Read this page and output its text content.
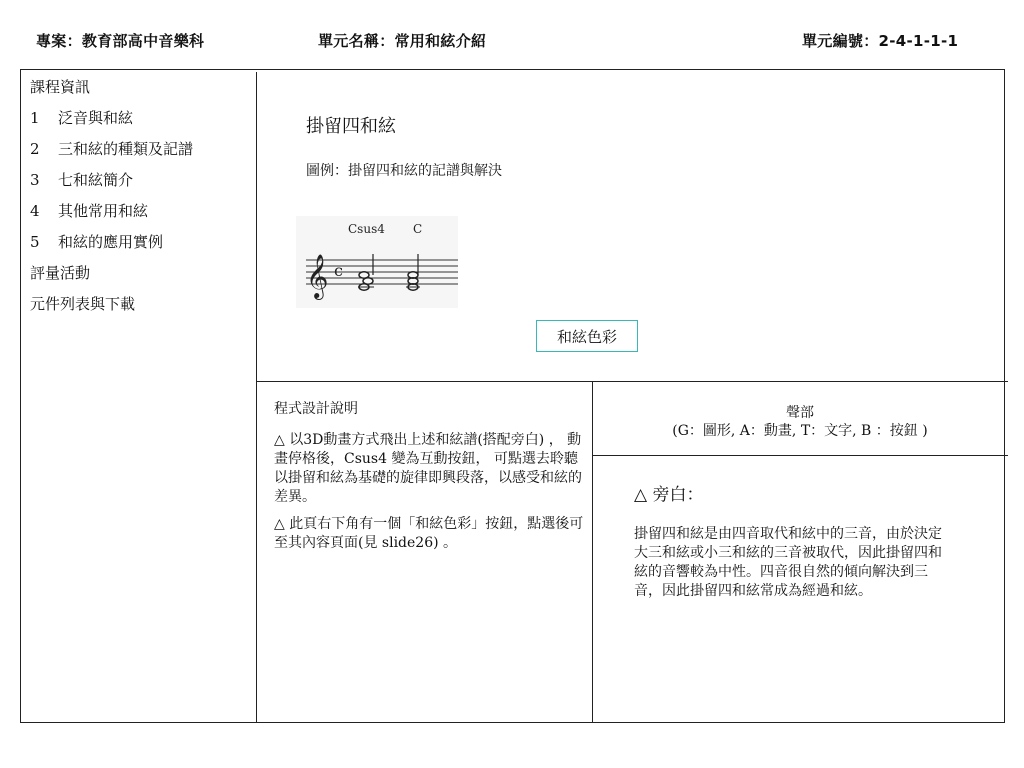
專案：教育部高中音樂科	單元名稱：常用和絃介紹	單元編號：2-4-1-1-1
課程資訊
1	泛音與和絃
2	三和絃的種類及記譜
3	七和絃簡介
4	其他常用和絃
5	和絃的應用實例
評量活動
元件列表與下載
掛留四和絃
圖例：掛留四和絃的記譜與解決
Csus4 C
𝄞 c
和絃色彩
程式設計說明

△ 以3D動畫方式飛出上述和絃譜(搭配旁白) ， 動畫停格後，Csus4 變為互動按鈕， 可點選去聆聽以掛留和絃為基礎的旋律即興段落，以感受和絃的差異。

△ 此頁右下角有一個「和絃色彩」按鈕，點選後可至其內容頁面(見 slide26) 。

聲部
(G：圖形, A：動畫, T：文字, B ：按鈕 )
△ 旁白：
掛留四和絃是由四音取代和絃中的三音，由於決定大三和絃或小三和絃的三音被取代，因此掛留四和絃的音響較為中性。四音很自然的傾向解決到三音，因此掛留四和絃常成為經過和絃。
